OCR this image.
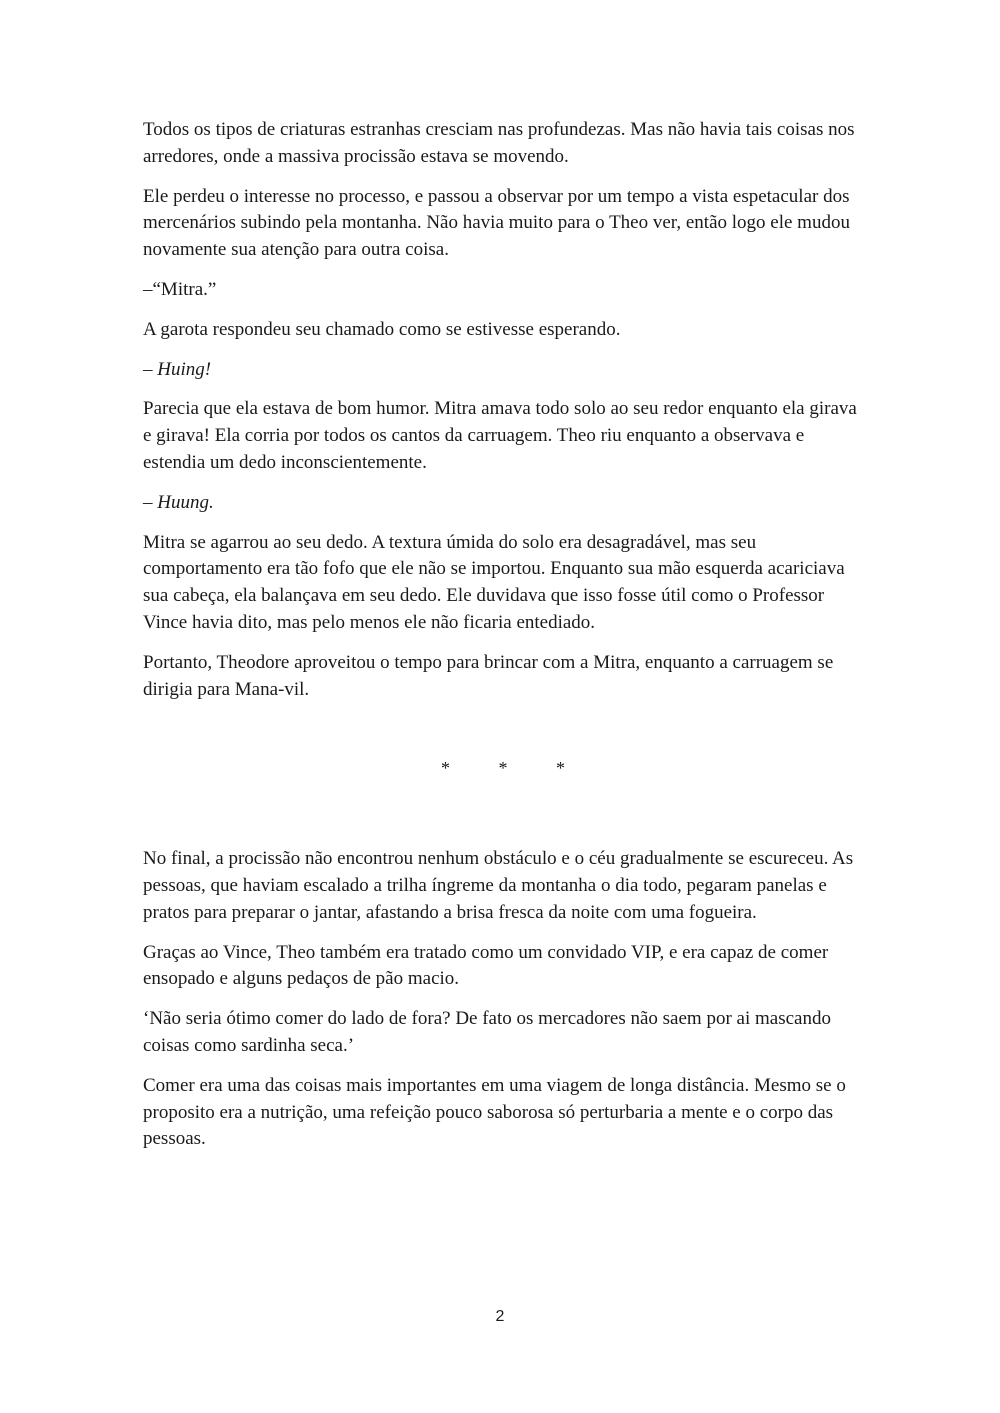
Todos os tipos de criaturas estranhas cresciam nas profundezas. Mas não havia tais coisas nos arredores, onde a massiva procissão estava se movendo.

Ele perdeu o interesse no processo, e passou a observar por um tempo a vista espetacular dos mercenários subindo pela montanha. Não havia muito para o Theo ver, então logo ele mudou novamente sua atenção para outra coisa.

–“Mitra.”

A garota respondeu seu chamado como se estivesse esperando.

– Huing!

Parecia que ela estava de bom humor. Mitra amava todo solo ao seu redor enquanto ela girava e girava! Ela corria por todos os cantos da carruagem. Theo riu enquanto a observava e estendia um dedo inconscientemente.

– Huung.

Mitra se agarrou ao seu dedo. A textura úmida do solo era desagradável, mas seu comportamento era tão fofo que ele não se importou. Enquanto sua mão esquerda acariciava sua cabeça, ela balançava em seu dedo. Ele duvidava que isso fosse útil como o Professor Vince havia dito, mas pelo menos ele não ficaria entediado.

Portanto, Theodore aproveitou o tempo para brincar com a Mitra, enquanto a carruagem se dirigia para Mana-vil.

* * *

No final, a procissão não encontrou nenhum obstáculo e o céu gradualmente se escureceu. As pessoas, que haviam escalado a trilha íngreme da montanha o dia todo, pegaram panelas e pratos para preparar o jantar, afastando a brisa fresca da noite com uma fogueira.

Graças ao Vince, Theo também era tratado como um convidado VIP, e era capaz de comer ensopado e alguns pedaços de pão macio.

‘Não seria ótimo comer do lado de fora? De fato os mercadores não saem por ai mascando coisas como sardinha seca.’

Comer era uma das coisas mais importantes em uma viagem de longa distância. Mesmo se o proposito era a nutrição, uma refeição pouco saborosa só perturbaria a mente e o corpo das pessoas.

2
